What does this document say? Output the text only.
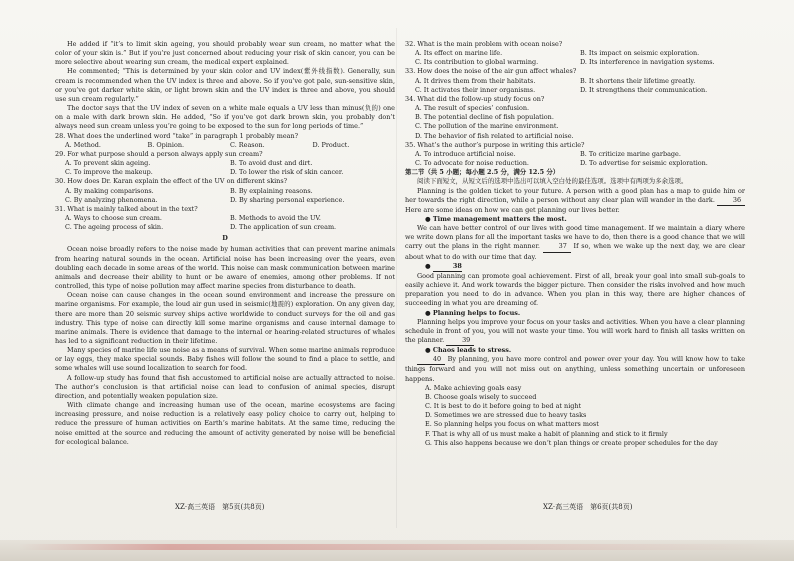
He added if “it’s to limit skin ageing, you should probably wear sun cream, no matter what the color of your skin is.” But if you’re just concerned about reducing your risk of skin cancer, you can be more selective about wearing sun cream, the medical expert explained.

He commented; “This is determined by your skin color and UV index(紫外线指数). Generally, sun cream is recommended when the UV index is three and above. So if you’ve got pale, sun-sensitive skin, or you’ve got darker white skin, or light brown skin and the UV index is three and above, you should use sun cream regularly.”

The doctor says that the UV index of seven on a white male equals a UV less than minus(负的) one on a male with dark brown skin. He added, “So if you’ve got dark brown skin, you probably don’t always need sun cream unless you’re going to be exposed to the sun for long periods of time.”

28. What does the underlined word “take” in paragraph 1 probably mean?
A. Method.	B. Opinion.	C. Reason.	D. Product.
29. For what purpose should a person always apply sun cream?
A. To prevent skin ageing.	B. To avoid dust and dirt.
C. To improve the makeup.	D. To lower the risk of skin cancer.
30. How does Dr. Karan explain the effect of the UV on different skins?
A. By making comparisons.	B. By explaining reasons.
C. By analyzing phenomena.	D. By sharing personal experience.
31. What is mainly talked about in the text?
A. Ways to choose sun cream.	B. Methods to avoid the UV.
C. The ageing process of skin.	D. The application of sun cream.
D

Ocean noise broadly refers to the noise made by human activities that can prevent marine animals from hearing natural sounds in the ocean. Artificial noise has been increasing over the years, even doubling each decade in some areas of the world. This noise can mask communication between marine animals and decrease their ability to hunt or be aware of enemies, among other problems. If not controlled, this type of noise pollution may affect marine species from disturbance to death.

Ocean noise can cause changes in the ocean sound environment and increase the pressure on marine organisms. For example, the loud air gun used in seismic(地震的) exploration. On any given day, there are more than 20 seismic survey ships active worldwide to conduct surveys for the oil and gas industry. This type of noise can directly kill some marine organisms and cause internal damage to marine animals. There is evidence that damage to the internal or hearing-related structures of whales has led to a significant reduction in their lifetime.

Many species of marine life use noise as a means of survival. When some marine animals reproduce or lay eggs, they make special sounds. Baby fishes will follow the sound to find a place to settle, and some whales will use sound localization to search for food.

A follow-up study has found that fish accustomed to artificial noise are actually attracted to noise. The author’s conclusion is that artificial noise can lead to confusion of animal species, disrupt direction, and potentially weaken population size.

With climate change and increasing human use of the ocean, marine ecosystems are facing increasing pressure, and noise reduction is a relatively easy policy choice to carry out, helping to reduce the pressure of human activities on Earth’s marine habitats. At the same time, reducing the noise emitted at the source and reducing the amount of activity generated by noise will be beneficial for ecological balance.

32. What is the main problem with ocean noise?
A. Its effect on marine life.	B. Its impact on seismic exploration.
C. Its contribution to global warming.	D. Its interference in navigation systems.
33. How does the noise of the air gun affect whales?
A. It drives them from their habitats.	B. It shortens their lifetime greatly.
C. It activates their inner organisms.	D. It strengthens their communication.
34. What did the follow-up study focus on?
A. The result of species’ confusion.
B. The potential decline of fish population.
C. The pollution of the marine environment.
D. The behavior of fish related to artificial noise.
35. What’s the author’s purpose in writing this article?
A. To introduce artificial noise.	B. To criticize marine garbage.
C. To advocate for noise reduction.	D. To advertise for seismic exploration.
第二节（共 5 小题；每小题 2.5 分，满分 12.5 分）

阅读下面短文，从短文后的选项中选出可以填入空白处的最佳选项。选项中有两项为多余选项。

Planning is the golden ticket to your future. A person with a good plan has a map to guide him or her towards the right direction, while a person without any clear plan will wander in the dark.	36 Here are some ideas on how we can get planning our lives better.

● Time management matters the most.

We can have better control of our lives with good time management. If we maintain a diary where we write down plans for all the important tasks we have to do, then there is a good chance that we will carry out the plans in the right manner.	37 If so, when we wake up the next day, we are clear about what to do with our time that day.

●	38

Good planning can promote goal achievement. First of all, break your goal into small sub-goals to easily achieve it. And work towards the bigger picture. Then consider the risks involved and how much preparation you need to do in advance. When you plan in this way, there are higher chances of succeeding in what you are dreaming of.

● Planning helps to focus.

Planning helps you improve your focus on your tasks and activities. When you have a clear planning schedule in front of you, you will not waste your time. You will work hard to finish all tasks written on the planner.	39

● Chaos leads to stress.

40 By planning, you have more control and power over your day. You will know how to take things forward and you will not miss out on anything, unless something uncertain or unforeseen happens.

A. Make achieving goals easy
B. Choose goals wisely to succeed
C. It is best to do it before going to bed at night
D. Sometimes we are stressed due to heavy tasks
E. So planning helps you focus on what matters most
F. That is why all of us must make a habit of planning and stick to it firmly
G. This also happens because we don’t plan things or create proper schedules for the day
XZ·高三英语　第5页(共8页)	XZ·高三英语　第6页(共8页)
